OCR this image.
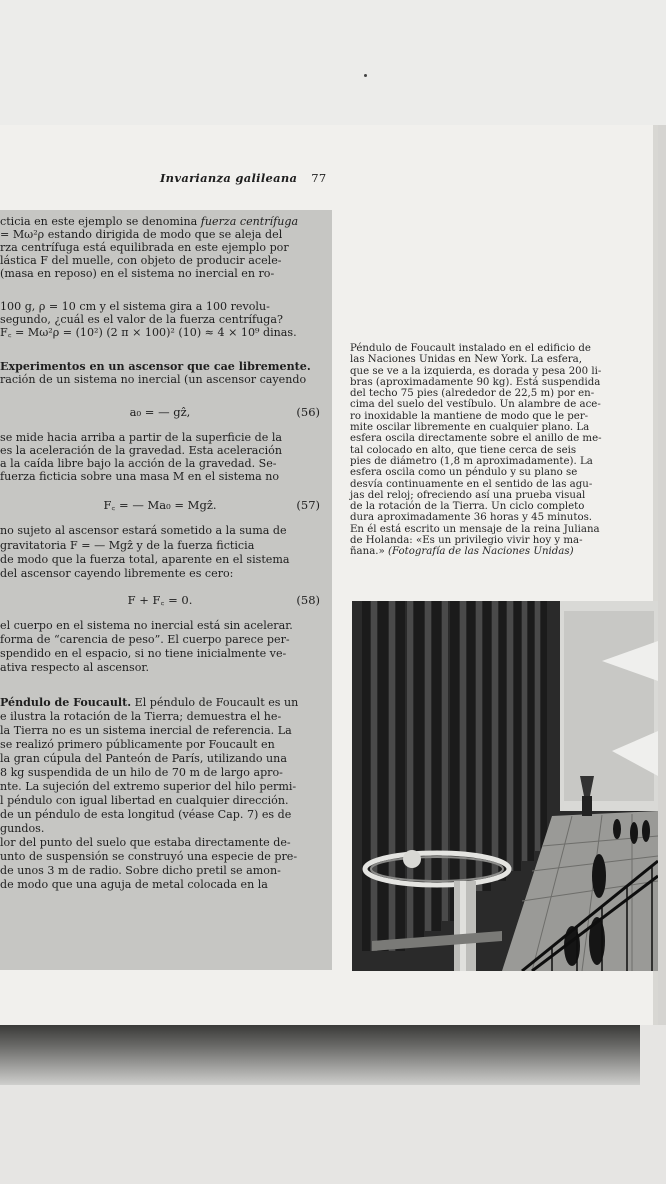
Invarianza galileana 77
cticia en este ejemplo se denomina fuerza centrífuga
= Mω²ρ estando dirigida de modo que se aleja del
rza centrífuga está equilibrada en este ejemplo por
lástica F del muelle, con objeto de producir acele-
(masa en reposo) en el sistema no inercial en ro-
100 g, ρ = 10 cm y el sistema gira a 100 revolu-
segundo, ¿cuál es el valor de la fuerza centrífuga?
F꜀ = Mω²ρ = (10²) (2 π × 100)² (10) ≈ 4 × 10⁹ dinas.
Experimentos en un ascensor que cae libremente.
ración de un sistema no inercial (un ascensor cayendo
a₀ = — gẑ,	(56)
se mide hacia arriba a partir de la superficie de la
es la aceleración de la gravedad. Esta aceleración
a la caída libre bajo la acción de la gravedad. Se-
fuerza ficticia sobre una masa M en el sistema no
F꜀ = — Ma₀ = Mgẑ.	(57)
no sujeto al ascensor estará sometido a la suma de
gravitatoria F = — Mgẑ y de la fuerza ficticia
de modo que la fuerza total, aparente en el sistema
del ascensor cayendo libremente es cero:
F + F꜀ = 0.	(58)
el cuerpo en el sistema no inercial está sin acelerar.
forma de “carencia de peso”. El cuerpo parece per-
spendido en el espacio, si no tiene inicialmente ve-
ativa respecto al ascensor.
Péndulo de Foucault. El péndulo de Foucault es un
e ilustra la rotación de la Tierra; demuestra el he-
la Tierra no es un sistema inercial de referencia. La
se realizó primero públicamente por Foucault en
la gran cúpula del Panteón de París, utilizando una
8 kg suspendida de un hilo de 70 m de largo apro-
nte. La sujeción del extremo superior del hilo permi-
l péndulo con igual libertad en cualquier dirección.
de un péndulo de esta longitud (véase Cap. 7) es de
gundos.
lor del punto del suelo que estaba directamente de-
unto de suspensión se construyó una especie de pre-
de unos 3 m de radio. Sobre dicho pretil se amon-
de modo que una aguja de metal colocada en la
Péndulo de Foucault instalado en el edificio de
las Naciones Unidas en New York. La esfera,
que se ve a la izquierda, es dorada y pesa 200 li-
bras (aproximadamente 90 kg). Está suspendida
del techo 75 pies (alrededor de 22,5 m) por en-
cima del suelo del vestíbulo. Un alambre de ace-
ro inoxidable la mantiene de modo que le per-
mite oscilar libremente en cualquier plano. La
esfera oscila directamente sobre el anillo de me-
tal colocado en alto, que tiene cerca de seis
pies de diámetro (1,8 m aproximadamente). La
esfera oscila como un péndulo y su plano se
desvía continuamente en el sentido de las agu-
jas del reloj; ofreciendo así una prueba visual
de la rotación de la Tierra. Un ciclo completo
dura aproximadamente 36 horas y 45 minutos.
En él está escrito un mensaje de la reina Juliana
de Holanda: «Es un privilegio vivir hoy y ma-
ñana.» (Fotografía de las Naciones Unidas)
